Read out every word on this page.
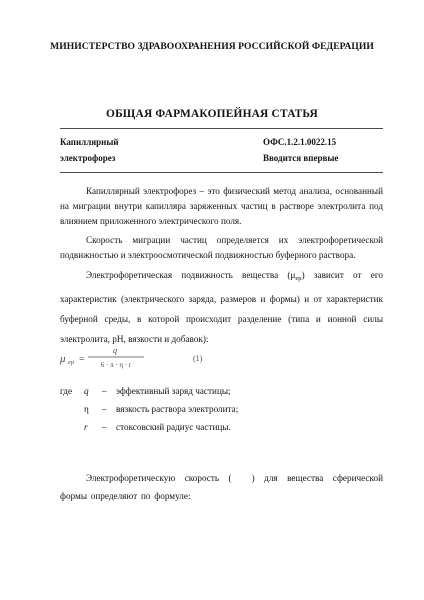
МИНИСТЕРСТВО ЗДРАВООХРАНЕНИЯ РОССИЙСКОЙ ФЕДЕРАЦИИ
ОБЩАЯ ФАРМАКОПЕЙНАЯ СТАТЬЯ
Капиллярный
электрофорез
ОФС.1.2.1.0022.15
Вводится впервые

Капиллярный электрофорез – это физический метод анализа, основанный на миграции внутри капилляра заряженных частиц в растворе электролита под влиянием приложенного электрического поля.

Скорость миграции частиц определяется их электрофоретической подвижностью и электроосмотической подвижностью буферного раствора.

Электрофоретическая подвижность вещества $(\mu_{ep})$ зависит от его характеристик (электрического заряда, размеров и формы) и от характеристик буферной среды, в которой происходит разделение (типа и ионной силы электролита, pH, вязкости и добавок):

μ ep =
q
6 · π · η · r
(1)
где q – эффективный заряд частицы;
η – вязкость раствора электролита;
r – стоксовский радиус частицы.

Электрофоретическую скорость ( ) для вещества сферической формы определяют по формуле:
